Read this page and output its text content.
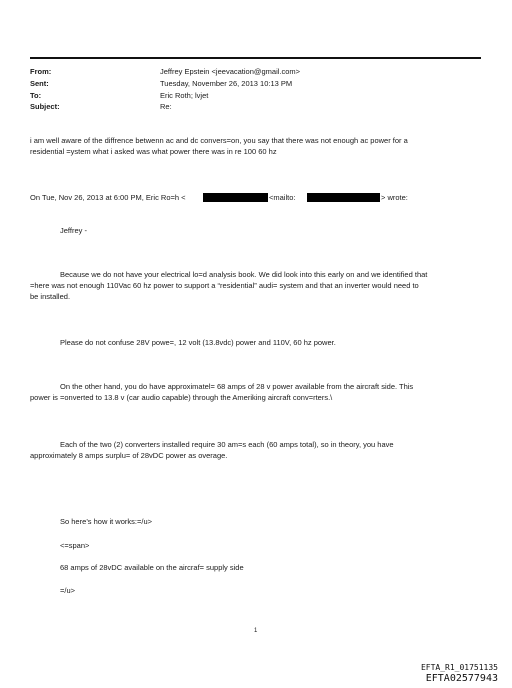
From:	Jeffrey Epstein <jeevacation@gmail.com>
Sent:	Tuesday, November 26, 2013 10:13 PM
To:	Eric Roth; lvjet
Subject:	Re:
i am well aware of the diffrence betwenn ac and dc convers=on, you say that there was not enough ac power for a
residential =ystem what i asked was what power there was in re 100 60 hz
On Tue, Nov 26, 2013 at 6:00 PM, Eric Ro=h <	<mailto:	> wrote:
Jeffrey -
Because we do not have your electrical lo=d analysis book. We did look into this early on and we identified that
=here was not enough 110Vac 60 hz power to support a “residential” audi= system and that an inverter would need to
be installed.
Please do not confuse 28V powe=, 12 volt (13.8vdc) power and 110V, 60 hz power.
On the other hand, you do have approximatel= 68 amps of 28 v power available from the aircraft side. This
power is =onverted to 13.8 v (car audio capable) through the Ameriking aircraft conv=rters.\
Each of the two (2) converters installed require 30 am=s each (60 amps total), so in theory, you have
approximately 8 amps surplu= of 28vDC power as overage.
So here’s how it works:=/u>
<=span>
68 amps of 28vDC available on the aircraf= supply side
=/u>
1
EFTA_R1_01751135
EFTA02577943
